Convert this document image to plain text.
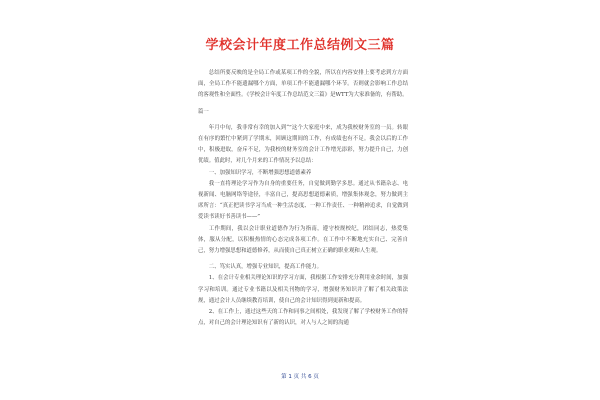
学校会计年度工作总结例文三篇

总结所要反映的是全局工作或某项工作的全貌，所以在内容安排上要考虑到方方面面，全局工作不能遗漏哪个方面，单项工作不能遗漏哪个环节。否则就会影响工作总结的客观性和全面性。《学校会计年度工作总结范文三篇》是WTT为大家准备的，有帮助。

篇一

年月中旬，我非常有幸的加入到“”这个大家庭中来，成为我校财务室的一员。转眼在有序的繁忙中紧到了学期末，回顾这期间的工作，有成绩也有不足。我会以后的工作中，积极进取，奋斥不足，为我校的财务室的会计工作增光添彩，努力提升自己，力创优绩。值此时，对几个月来的工作情况予以总结：

一、加强知识学习，不断增强思想道德素养

我一直将理论学习作为自身的重要任务，自觉做到勤学多思。通过从书籍杂志、电视新闻、电脑网络等途径，丰富自己，提高思想道德素质，增强集体观念，努力做到主席所言：“真正把读书学习当成一种生活态度、一种工作责任、一种精神追求，自觉做到爱读书读好书善读书——”

工作期间，我以会计职业道德作为行为指南，遵守校规校纪，团结同志，热爱集体，服从分配，以积极热情的心态完成各项工作。在工作中不断地充实自己、完善自己，努力增强思想和道德修养，从而使自己真正树立正确的职业观和人生观。

二、笃实认真，增强专业知识，提高工作能力。

1、在会计专业相关理论知识的学习方面，我根据工作安排充分利用业余时间，加强学习和培训。通过专业书籍以及相关刊物的学习，增强财务知识并了解了相关政策法规，通过会计人员继续教育培训，使自己的会计知识得到更新和提高。

2、在工作上，通过这些天的工作和同事之间相处，我发现了解了学校财务工作的特点，对自己的会计理论知识有了新的认识，对人与人之间的沟通

第 1 页 共 6 页
